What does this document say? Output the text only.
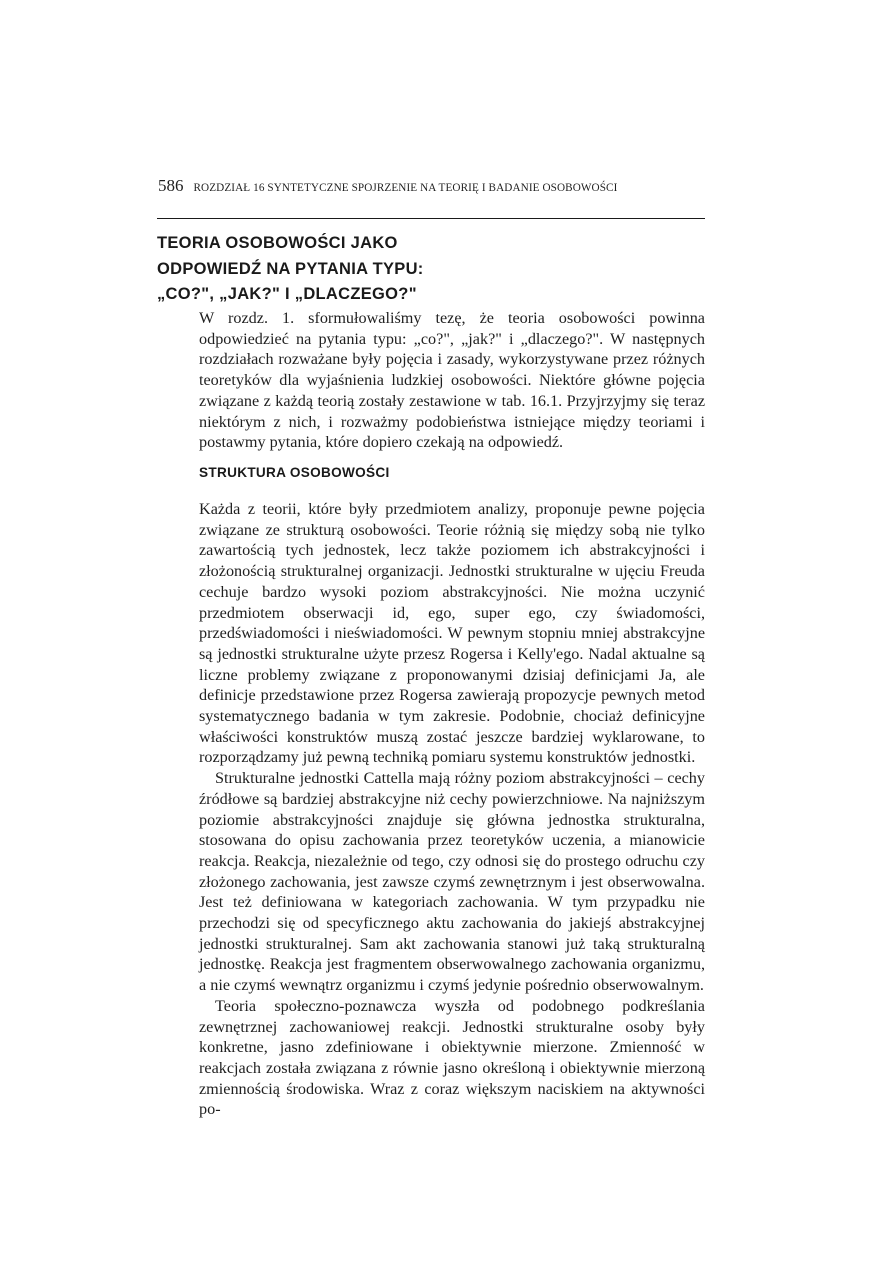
586 ROZDZIAŁ 16 SYNTETYCZNE SPOJRZENIE NA TEORIĘ I BADANIE OSOBOWOŚCI
TEORIA OSOBOWOŚCI JAKO
ODPOWIEDŹ NA PYTANIA TYPU:
„CO?", „JAK?" I „DLACZEGO?"

W rozdz. 1. sformułowaliśmy tezę, że teoria osobowości powinna odpowiedzieć na pytania typu: „co?", „jak?" i „dlaczego?". W następnych rozdziałach rozważane były pojęcia i zasady, wykorzystywane przez różnych teoretyków dla wyjaśnienia ludzkiej osobowości. Niektóre główne pojęcia związane z każdą teorią zostały zestawione w tab. 16.1. Przyjrzyjmy się teraz niektórym z nich, i rozważmy podobieństwa istniejące między teoriami i postawmy pytania, które dopiero czekają na odpowiedź.

STRUKTURA OSOBOWOŚCI

Każda z teorii, które były przedmiotem analizy, proponuje pewne pojęcia związane ze strukturą osobowości. Teorie różnią się między sobą nie tylko zawartością tych jednostek, lecz także poziomem ich abstrakcyjności i złożonością strukturalnej organizacji. Jednostki strukturalne w ujęciu Freuda cechuje bardzo wysoki poziom abstrakcyjności. Nie można uczynić przedmiotem obserwacji id, ego, super ego, czy świadomości, przedświadomości i nieświadomości. W pewnym stopniu mniej abstrakcyjne są jednostki strukturalne użyte przesz Rogersa i Kelly'ego. Nadal aktualne są liczne problemy związane z proponowanymi dzisiaj definicjami Ja, ale definicje przedstawione przez Rogersa zawierają propozycje pewnych metod systematycznego badania w tym zakresie. Podobnie, chociaż definicyjne właściwości konstruktów muszą zostać jeszcze bardziej wyklarowane, to rozporządzamy już pewną techniką pomiaru systemu konstruktów jednostki.

Strukturalne jednostki Cattella mają różny poziom abstrakcyjności – cechy źródłowe są bardziej abstrakcyjne niż cechy powierzchniowe. Na najniższym poziomie abstrakcyjności znajduje się główna jednostka strukturalna, stosowana do opisu zachowania przez teoretyków uczenia, a mianowicie reakcja. Reakcja, niezależnie od tego, czy odnosi się do prostego odruchu czy złożonego zachowania, jest zawsze czymś zewnętrznym i jest obserwowalna. Jest też definiowana w kategoriach zachowania. W tym przypadku nie przechodzi się od specyficznego aktu zachowania do jakiejś abstrakcyjnej jednostki strukturalnej. Sam akt zachowania stanowi już taką strukturalną jednostkę. Reakcja jest fragmentem obserwowalnego zachowania organizmu, a nie czymś wewnątrz organizmu i czymś jedynie pośrednio obserwowalnym.

Teoria społeczno-poznawcza wyszła od podobnego podkreślania zewnętrznej zachowaniowej reakcji. Jednostki strukturalne osoby były konkretne, jasno zdefiniowane i obiektywnie mierzone. Zmienność w reakcjach została związana z równie jasno określoną i obiektywnie mierzoną zmiennością środowiska. Wraz z coraz większym naciskiem na aktywności po-
